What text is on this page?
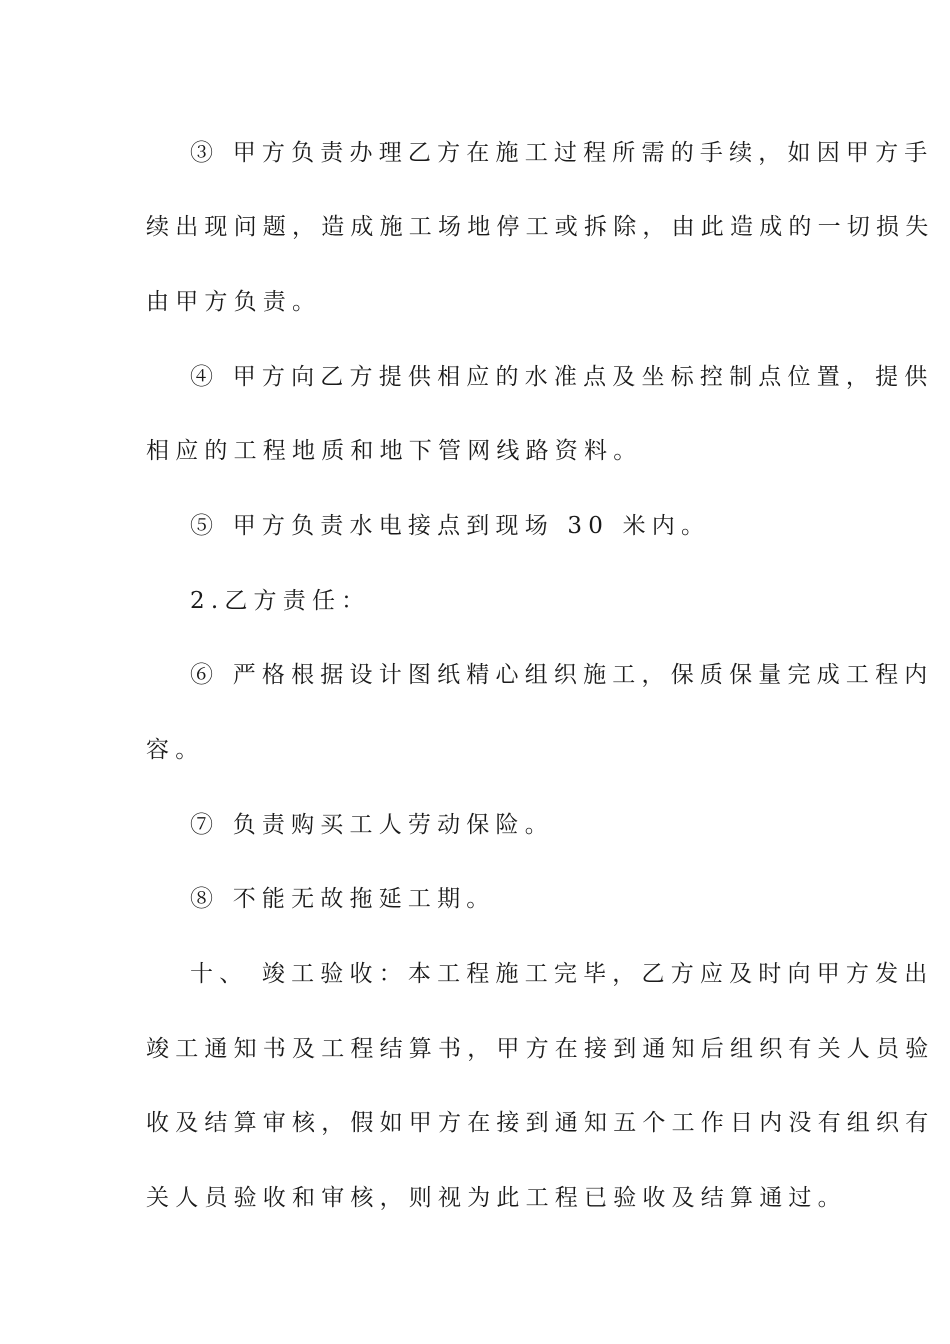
③ 甲方负责办理乙方在施工过程所需的手续，如因甲方手
续出现问题，造成施工场地停工或拆除，由此造成的一切损失
由甲方负责。
④ 甲方向乙方提供相应的水准点及坐标控制点位置，提供
相应的工程地质和地下管网线路资料。
⑤ 甲方负责水电接点到现场 30 米内。
2.乙方责任：
⑥ 严格根据设计图纸精心组织施工，保质保量完成工程内
容。
⑦ 负责购买工人劳动保险。
⑧ 不能无故拖延工期。
十、 竣工验收：本工程施工完毕，乙方应及时向甲方发出
竣工通知书及工程结算书，甲方在接到通知后组织有关人员验
收及结算审核，假如甲方在接到通知五个工作日内没有组织有
关人员验收和审核，则视为此工程已验收及结算通过。
